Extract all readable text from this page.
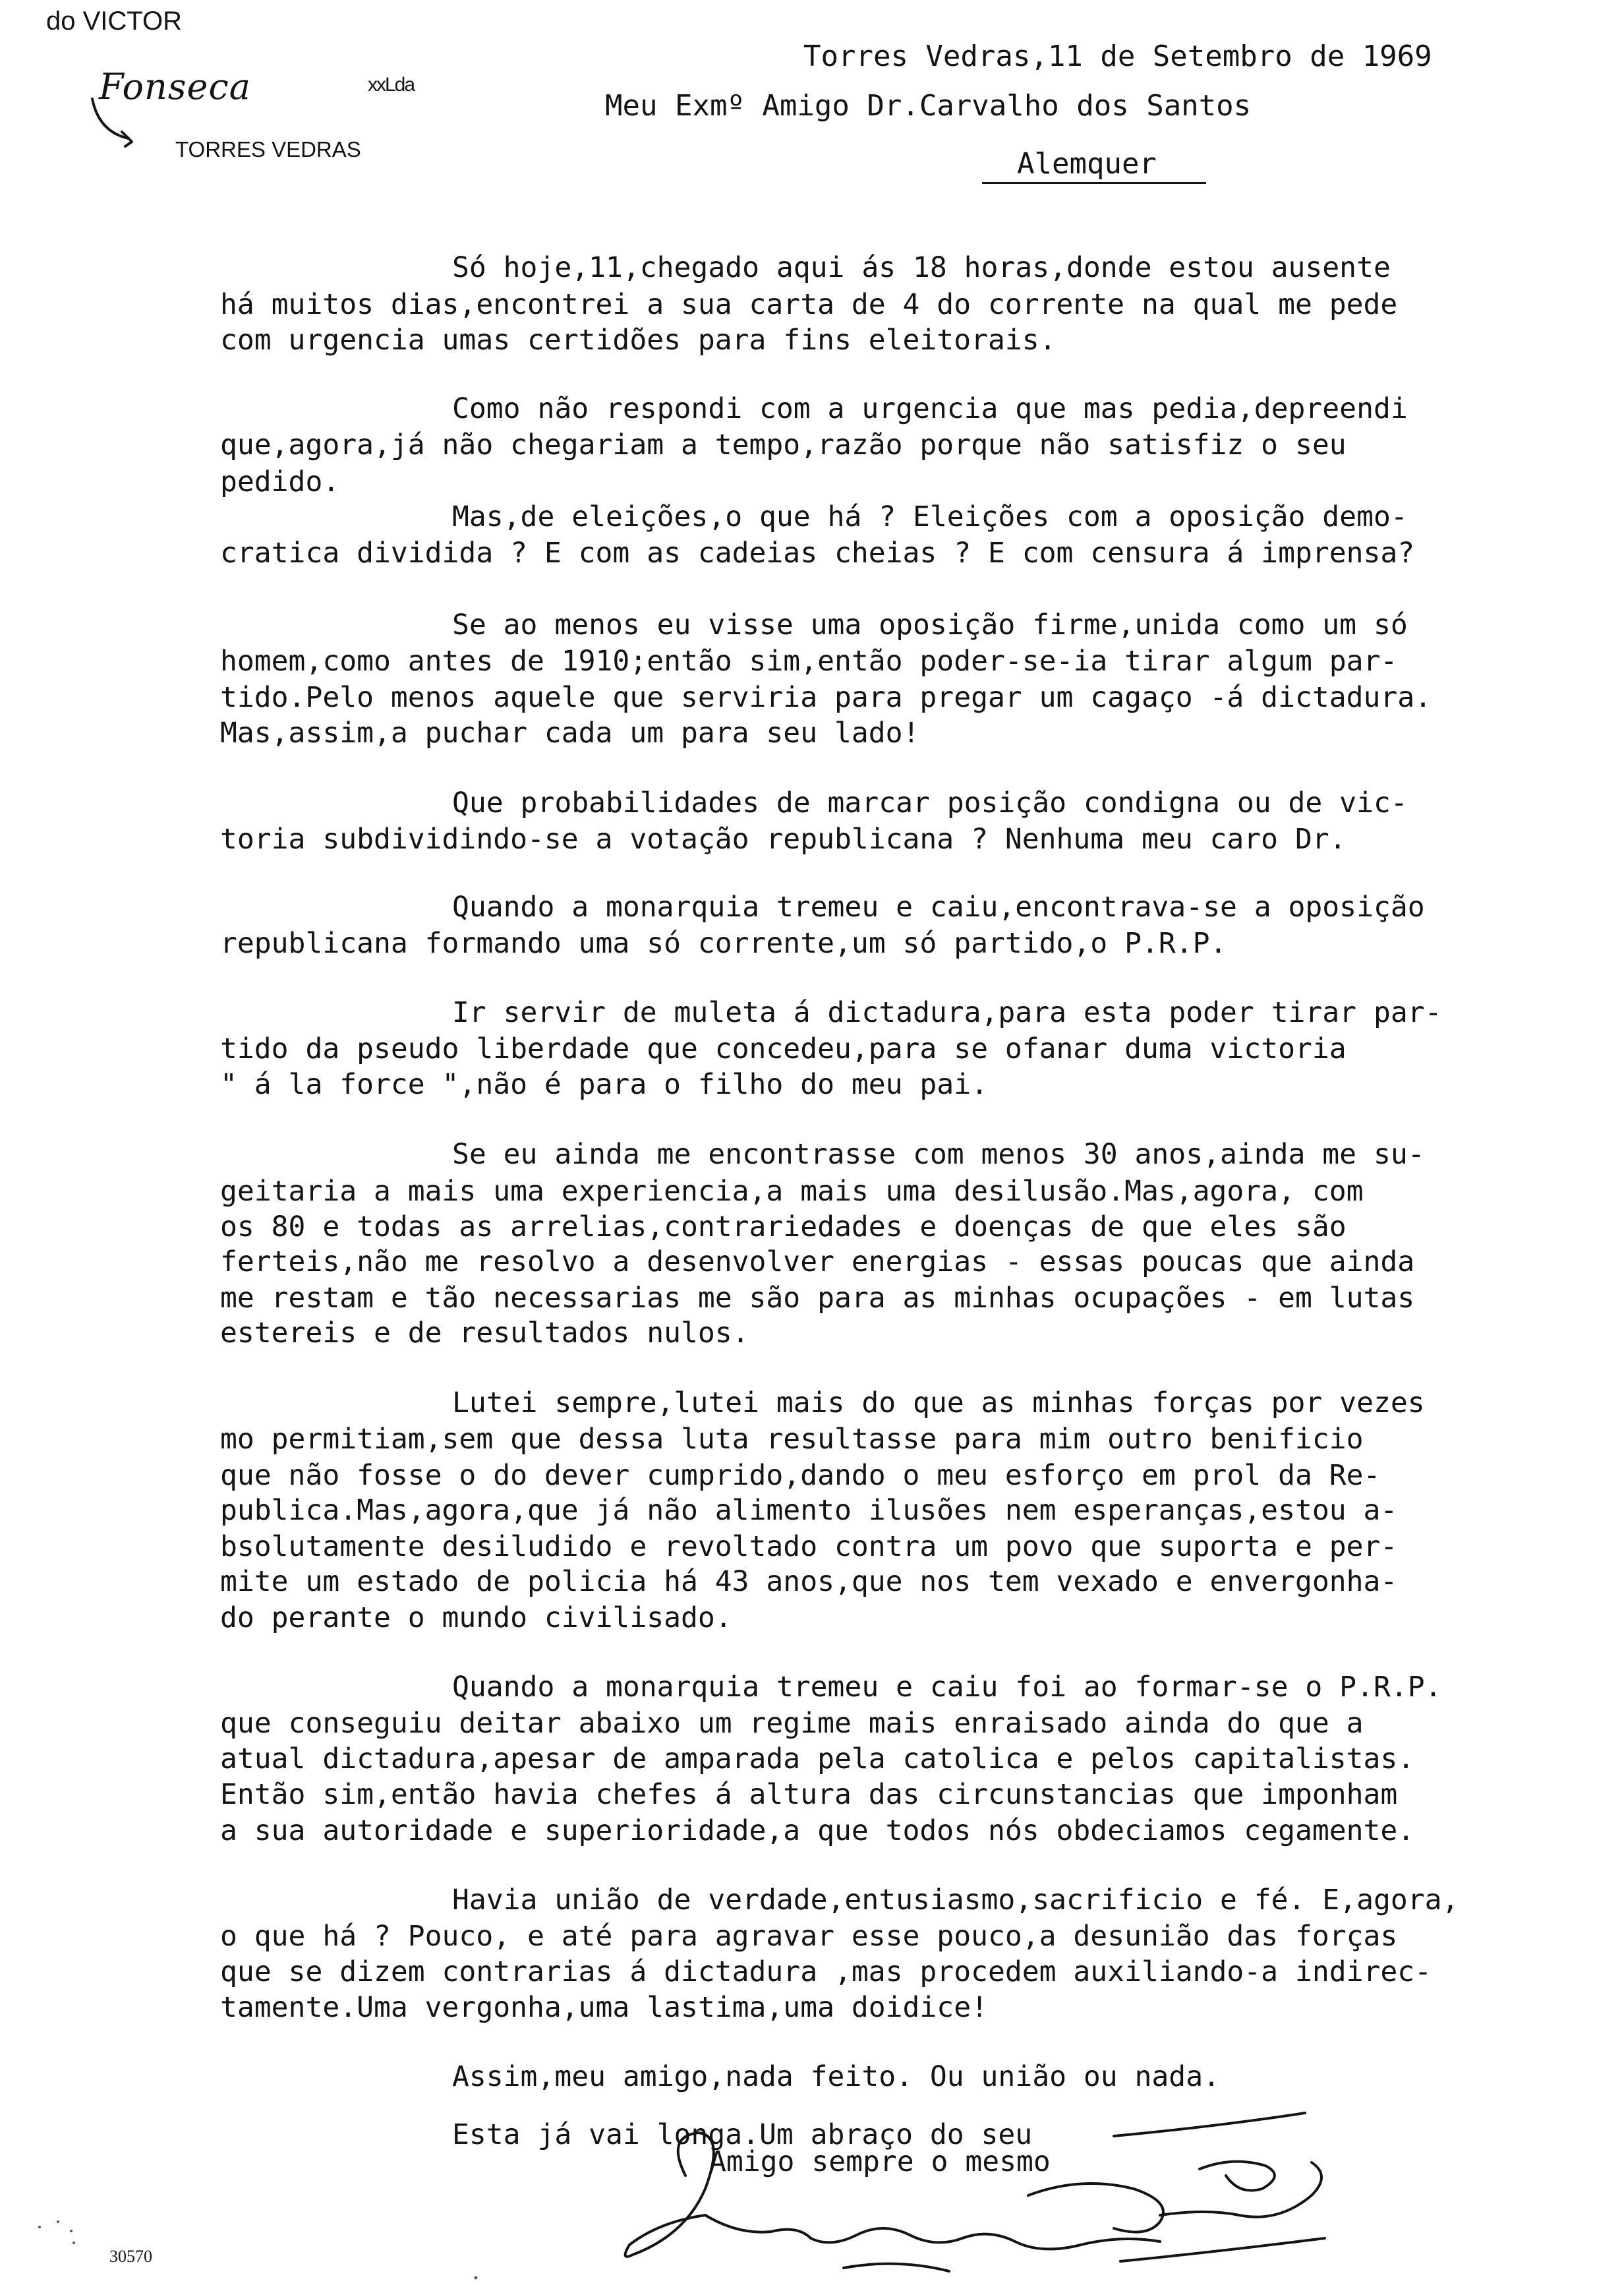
do VICTOR
Fonseca	xxLda
TORRES VEDRAS
Torres Vedras,11 de Setembro de 1969
Meu Exmº Amigo Dr.Carvalho dos Santos
Alemquer
Só hoje,11,chegado aqui ás 18 horas,donde estou ausente
há muitos dias,encontrei a sua carta de 4 do corrente na qual me pede
com urgencia umas certidões para fins eleitorais.
Como não respondi com a urgencia que mas pedia,depreendi
que,agora,já não chegariam a tempo,razão porque não satisfiz o seu
pedido.
Mas,de eleições,o que há ? Eleições com a oposição demo-
cratica dividida ? E com as cadeias cheias ? E com censura á imprensa?
Se ao menos eu visse uma oposição firme,unida como um só
homem,como antes de 1910;então sim,então poder-se-ia tirar algum par-
tido.Pelo menos aquele que serviria para pregar um cagaço -á dictadura.
Mas,assim,a puchar cada um para seu lado!
Que probabilidades de marcar posição condigna ou de vic-
toria subdividindo-se a votação republicana ? Nenhuma meu caro Dr.
Quando a monarquia tremeu e caiu,encontrava-se a oposição
republicana formando uma só corrente,um só partido,o P.R.P.
Ir servir de muleta á dictadura,para esta poder tirar par-
tido da pseudo liberdade que concedeu,para se ofanar duma victoria
" á la force ",não é para o filho do meu pai.
Se eu ainda me encontrasse com menos 30 anos,ainda me su-
geitaria a mais uma experiencia,a mais uma desilusão.Mas,agora, com
os 80 e todas as arrelias,contrariedades e doenças de que eles são
ferteis,não me resolvo a desenvolver energias - essas poucas que ainda
me restam e tão necessarias me são para as minhas ocupações - em lutas
estereis e de resultados nulos.
Lutei sempre,lutei mais do que as minhas forças por vezes
mo permitiam,sem que dessa luta resultasse para mim outro benificio
que não fosse o do dever cumprido,dando o meu esforço em prol da Re-
publica.Mas,agora,que já não alimento ilusões nem esperanças,estou a-
bsolutamente desiludido e revoltado contra um povo que suporta e per-
mite um estado de policia há 43 anos,que nos tem vexado e envergonha-
do perante o mundo civilisado.
Quando a monarquia tremeu e caiu foi ao formar-se o P.R.P.
que conseguiu deitar abaixo um regime mais enraisado ainda do que a
atual dictadura,apesar de amparada pela catolica e pelos capitalistas.
Então sim,então havia chefes á altura das circunstancias que imponham
a sua autoridade e superioridade,a que todos nós obdeciamos cegamente.
Havia união de verdade,entusiasmo,sacrificio e fé. E,agora,
o que há ? Pouco, e até para agravar esse pouco,a desunião das forças
que se dizem contrarias á dictadura ,mas procedem auxiliando-a indirec-
tamente.Uma vergonha,uma lastima,uma doidice!
Assim,meu amigo,nada feito. Ou união ou nada.
Esta já vai longa.Um abraço do seu
Amigo sempre o mesmo
30570
